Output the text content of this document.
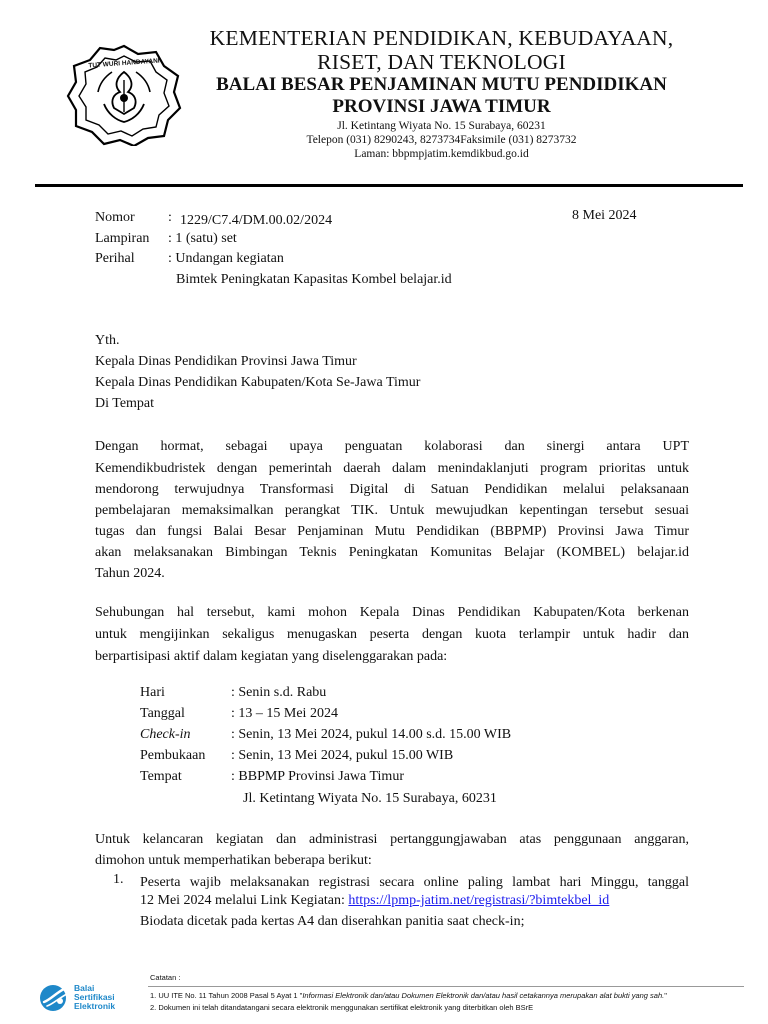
TUT WURI HANDAYANI
KEMENTERIAN PENDIDIKAN, KEBUDAYAAN,
RISET, DAN TEKNOLOGI
BALAI BESAR PENJAMINAN MUTU PENDIDIKAN
PROVINSI JAWA TIMUR
Jl. Ketintang Wiyata No. 15 Surabaya, 60231
Telepon (031) 8290243, 8273734Faksimile (031) 8273732
Laman: bbpmpjatim.kemdikbud.go.id
Nomor : 1229/C7.4/DM.00.02/2024	8 Mei 2024
Lampiran : 1 (satu) set
Perihal : Undangan kegiatan
Bimtek Peningkatan Kapasitas Kombel belajar.id
Yth.
Kepala Dinas Pendidikan Provinsi Jawa Timur
Kepala Dinas Pendidikan Kabupaten/Kota Se-Jawa Timur
Di Tempat
Dengan hormat, sebagai upaya penguatan kolaborasi dan sinergi antara UPT
Kemendikbudristek dengan pemerintah daerah dalam menindaklanjuti program prioritas untuk
mendorong terwujudnya Transformasi Digital di Satuan Pendidikan melalui pelaksanaan
pembelajaran memaksimalkan perangkat TIK. Untuk mewujudkan kepentingan tersebut sesuai
tugas dan fungsi Balai Besar Penjaminan Mutu Pendidikan (BBPMP) Provinsi Jawa Timur
akan melaksanakan Bimbingan Teknis Peningkatan Komunitas Belajar (KOMBEL) belajar.id
Tahun 2024.
Sehubungan hal tersebut, kami mohon Kepala Dinas Pendidikan Kabupaten/Kota berkenan
untuk mengijinkan sekaligus menugaskan peserta dengan kuota terlampir untuk hadir dan
berpartisipasi aktif dalam kegiatan yang diselenggarakan pada:
Hari	: Senin s.d. Rabu
Tanggal	: 13 – 15 Mei 2024
Check-in	: Senin, 13 Mei 2024, pukul 14.00 s.d. 15.00 WIB
Pembukaan : Senin, 13 Mei 2024, pukul 15.00 WIB
Tempat	: BBPMP Provinsi Jawa Timur
Jl. Ketintang Wiyata No. 15 Surabaya, 60231
Untuk kelancaran kegiatan dan administrasi pertanggungjawaban atas penggunaan anggaran,
dimohon untuk memperhatikan beberapa berikut:
1. Peserta wajib melaksanakan registrasi secara online paling lambat hari Minggu, tanggal
12 Mei 2024 melalui Link Kegiatan: https://lpmp-jatim.net/registrasi/?bimtekbel_id
Biodata dicetak pada kertas A4 dan diserahkan panitia saat check-in;
Balai
Sertifikasi
Elektronik
Catatan :
1. UU ITE No. 11 Tahun 2008 Pasal 5 Ayat 1 "Informasi Elektronik dan/atau Dokumen Elektronik dan/atau hasil cetakannya merupakan alat bukti yang sah."
2. Dokumen ini telah ditandatangani secara elektronik menggunakan sertifikat elektronik yang diterbitkan oleh BSrE
